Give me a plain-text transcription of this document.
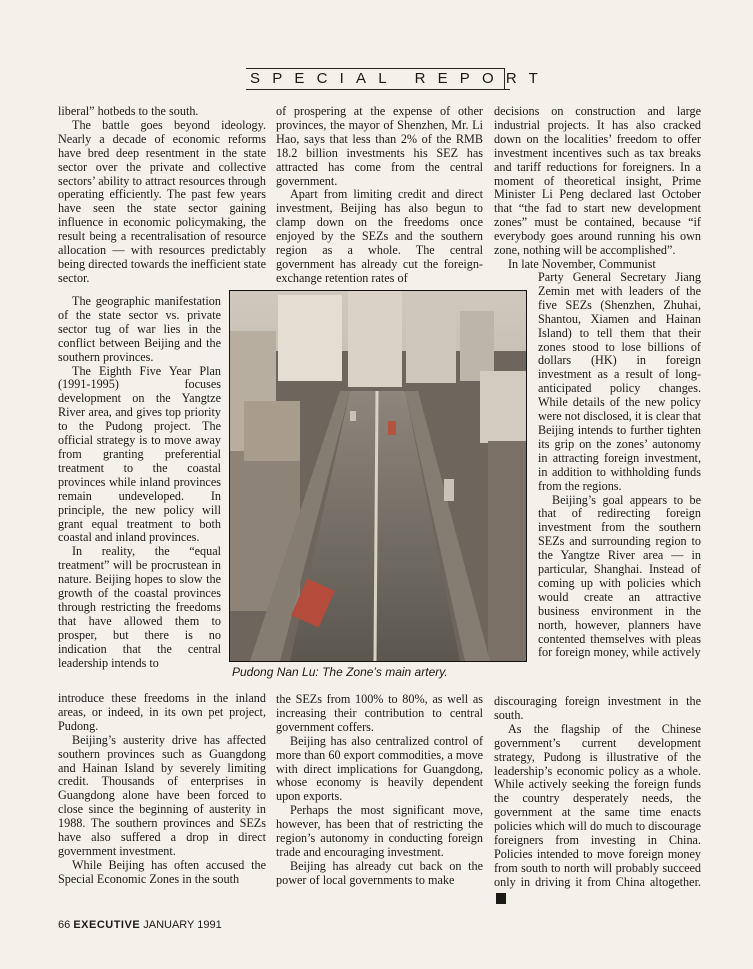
SPECIAL REPORT

liberal” hotbeds to the south.

The battle goes beyond ideology. Nearly a decade of economic reforms have bred deep resentment in the state sector over the private and collective sectors’ ability to attract resources through operating efficiently. The past few years have seen the state sector gaining influence in economic policymaking, the result being a recentralisation of resource allocation — with resources predictably being directed towards the inefficient state sector.

The geographic manifestation of the state sector vs. private sector tug of war lies in the conflict between Beijing and the southern provinces.

The Eighth Five Year Plan (1991-1995) focuses development on the Yangtze River area, and gives top priority to the Pudong project. The official strategy is to move away from granting preferential treatment to the coastal provinces while inland provinces remain undeveloped. In principle, the new policy will grant equal treatment to both coastal and inland provinces.

In reality, the “equal treatment” will be procrustean in nature. Beijing hopes to slow the growth of the coastal provinces through restricting the freedoms that have allowed them to prosper, but there is no indication that the central leadership intends to

introduce these freedoms in the inland areas, or indeed, in its own pet project, Pudong.

Beijing’s austerity drive has affected southern provinces such as Guangdong and Hainan Island by severely limiting credit. Thousands of enterprises in Guangdong alone have been forced to close since the beginning of austerity in 1988. The southern provinces and SEZs have also suffered a drop in direct government investment.

While Beijing has often accused the Special Economic Zones in the south

of prospering at the expense of other provinces, the mayor of Shenzhen, Mr. Li Hao, says that less than 2% of the RMB 18.2 billion investments his SEZ has attracted has come from the central government.

Apart from limiting credit and direct investment, Beijing has also begun to clamp down on the freedoms once enjoyed by the SEZs and the southern region as a whole. The central government has already cut the foreign-exchange retention rates of

the SEZs from 100% to 80%, as well as increasing their contribution to central government coffers.

Beijing has also centralized control of more than 60 export commodities, a move with direct implications for Guangdong, whose economy is heavily dependent upon exports.

Perhaps the most significant move, however, has been that of restricting the region’s autonomy in conducting foreign trade and encouraging investment.

Beijing has already cut back on the power of local governments to make

decisions on construction and large industrial projects. It has also cracked down on the localities’ freedom to offer investment incentives such as tax breaks and tariff reductions for foreigners. In a moment of theoretical insight, Prime Minister Li Peng declared last October that “the fad to start new development zones” must be contained, because “if everybody goes around running his own zone, nothing will be accomplished”.

In late November, Communist

Party General Secretary Jiang Zemin met with leaders of the five SEZs (Shenzhen, Zhuhai, Shantou, Xiamen and Hainan Island) to tell them that their zones stood to lose billions of dollars (HK) in foreign investment as a result of long-anticipated policy changes. While details of the new policy were not disclosed, it is clear that Beijing intends to further tighten its grip on the zones’ autonomy in attracting foreign investment, in addition to withholding funds from the regions.

Beijing’s goal appears to be that of redirecting foreign investment from the southern SEZs and surrounding region to the Yangtze River area — in particular, Shanghai. Instead of coming up with policies which would create an attractive business environment in the north, however, planners have contented themselves with pleas for foreign money, while actively

discouraging foreign investment in the south.

As the flagship of the Chinese government’s current development strategy, Pudong is illustrative of the leadership’s economic policy as a whole. While actively seeking the foreign funds the country desperately needs, the government at the same time enacts policies which will do much to discourage foreigners from investing in China. Policies intended to move foreign money from south to north will probably succeed only in driving it from China altogether.E

Pudong Nan Lu: The Zone’s main artery.
66 EXECUTIVE JANUARY 1991
